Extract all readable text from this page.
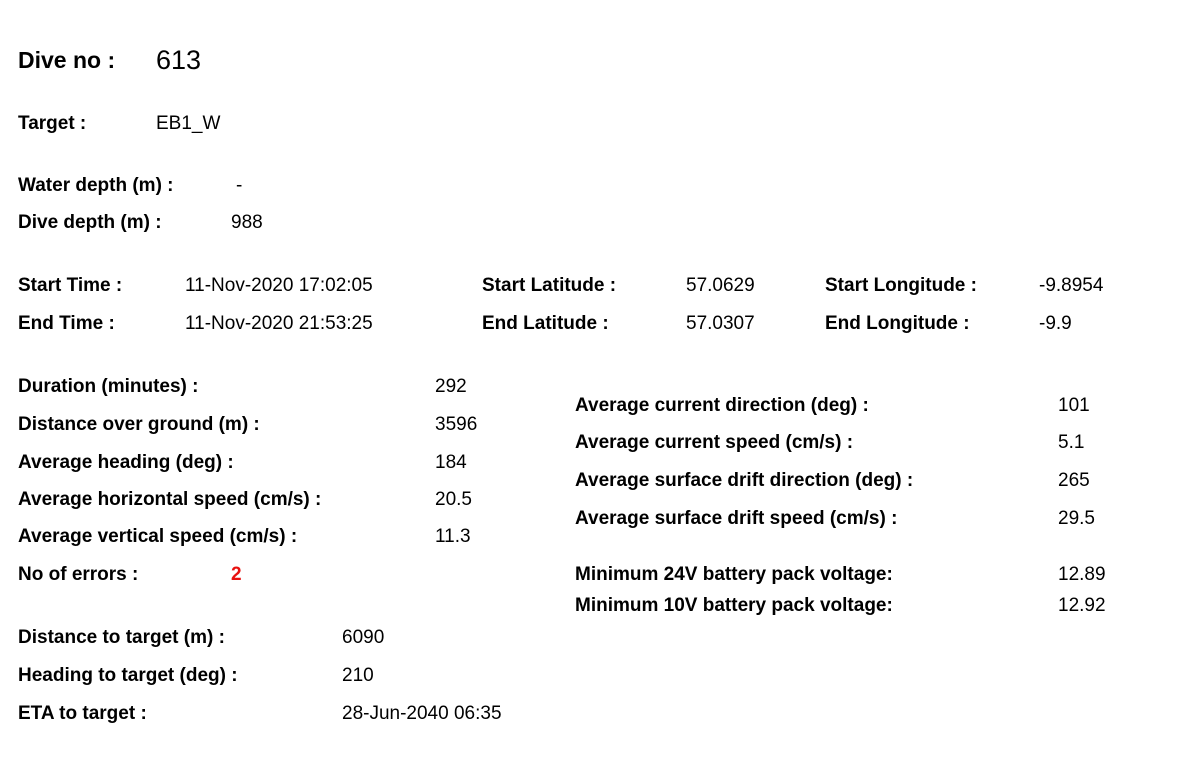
Dive no : 613
Target :	EB1_W
Water depth (m) :	-
Dive depth (m) :	988
Start Time :	11-Nov-2020 17:02:05
End Time :	11-Nov-2020 21:53:25
Start Latitude :	57.0629
End Latitude :	57.0307
Start Longitude :	-9.8954
End Longitude :	-9.9
Duration (minutes) :	292
Distance over ground (m) :	3596
Average heading (deg) :	184
Average horizontal speed (cm/s) :	20.5
Average vertical speed (cm/s) :	11.3
No of errors :	2
Average current direction (deg) :	101
Average current speed (cm/s) :	5.1
Average surface drift direction (deg) :	265
Average surface drift speed (cm/s) :	29.5
Minimum 24V battery pack voltage:	12.89
Minimum 10V battery pack voltage:	12.92
Distance to target (m) :	6090
Heading to target (deg) :	210
ETA to target :	28-Jun-2040 06:35
